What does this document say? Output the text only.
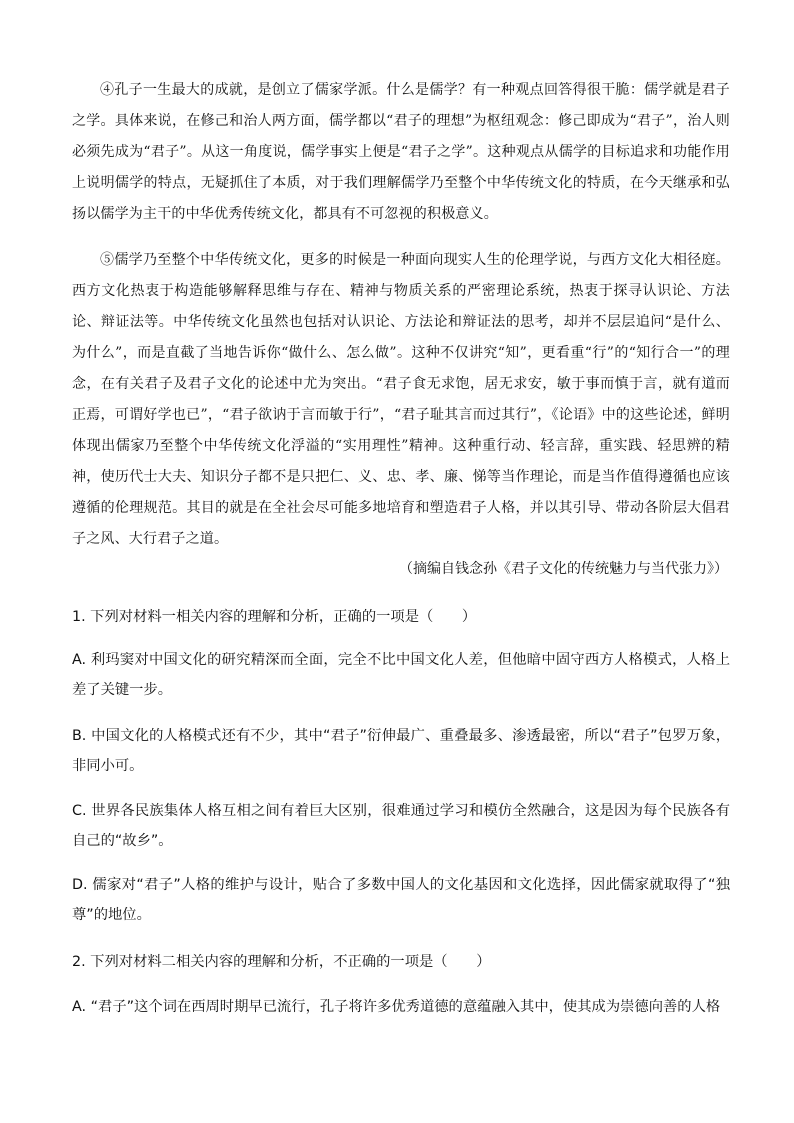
④孔子一生最大的成就，是创立了儒家学派。什么是儒学？有一种观点回答得很干脆：儒学就是君子之学。具体来说，在修己和治人两方面，儒学都以“君子的理想”为枢纽观念：修己即成为“君子”，治人则必须先成为“君子”。从这一角度说，儒学事实上便是“君子之学”。这种观点从儒学的目标追求和功能作用上说明儒学的特点，无疑抓住了本质，对于我们理解儒学乃至整个中华传统文化的特质，在今天继承和弘扬以儒学为主干的中华优秀传统文化，都具有不可忽视的积极意义。

⑤儒学乃至整个中华传统文化，更多的时候是一种面向现实人生的伦理学说，与西方文化大相径庭。西方文化热衷于构造能够解释思维与存在、精神与物质关系的严密理论系统，热衷于探寻认识论、方法论、辩证法等。中华传统文化虽然也包括对认识论、方法论和辩证法的思考，却并不层层追问“是什么、为什么”，而是直截了当地告诉你“做什么、怎么做”。这种不仅讲究“知”，更看重“行”的“知行合一”的理念，在有关君子及君子文化的论述中尤为突出。“君子食无求饱，居无求安，敏于事而慎于言，就有道而正焉，可谓好学也已”，“君子欲讷于言而敏于行”，“君子耻其言而过其行”，《论语》中的这些论述，鲜明体现出儒家乃至整个中华传统文化浮溢的“实用理性”精神。这种重行动、轻言辞，重实践、轻思辨的精神，使历代士大夫、知识分子都不是只把仁、义、忠、孝、廉、悌等当作理论，而是当作值得遵循也应该遵循的伦理规范。其目的就是在全社会尽可能多地培育和塑造君子人格，并以其引导、带动各阶层大倡君子之风、大行君子之道。

（摘编自钱念孙《君子文化的传统魅力与当代张力》）
1. 下列对材料一相关内容的理解和分析，正确的一项是（　　）
A. 利玛窦对中国文化的研究精深而全面，完全不比中国文化人差，但他暗中固守西方人格模式，人格上差了关键一步。
B. 中国文化的人格模式还有不少，其中“君子”衍伸最广、重叠最多、渗透最密，所以“君子”包罗万象，非同小可。
C. 世界各民族集体人格互相之间有着巨大区别，很难通过学习和模仿全然融合，这是因为每个民族各有自己的“故乡”。
D. 儒家对“君子”人格的维护与设计，贴合了多数中国人的文化基因和文化选择，因此儒家就取得了“独尊”的地位。
2. 下列对材料二相关内容的理解和分析，不正确的一项是（　　）
A. “君子”这个词在西周时期早已流行，孔子将许多优秀道德的意蕴融入其中，使其成为崇德向善的人格
